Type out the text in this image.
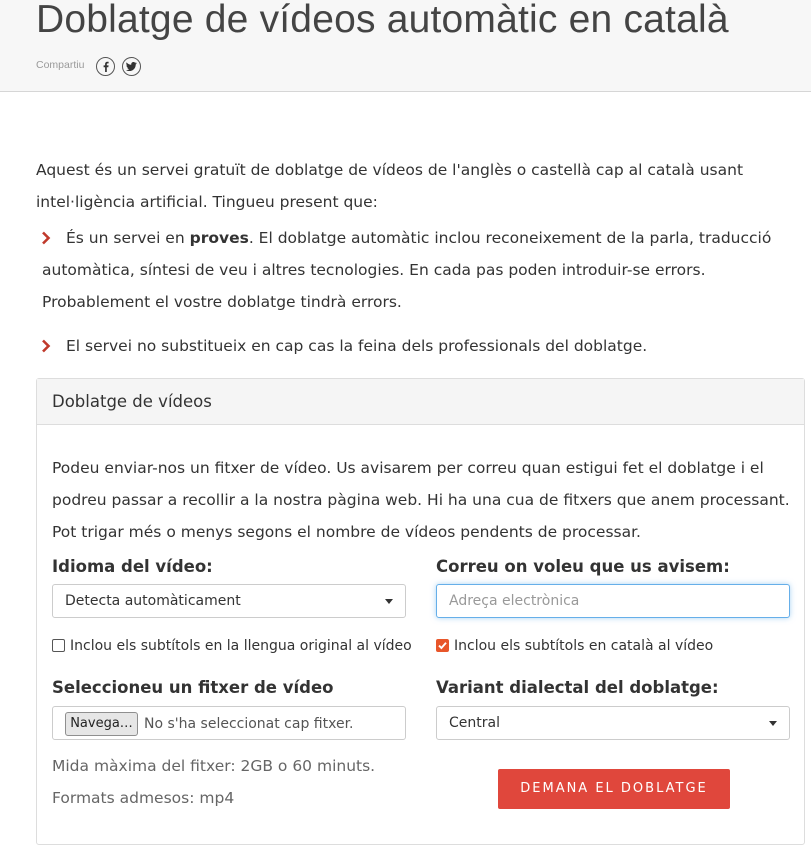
Doblatge de vídeos automàtic en català
Compartiu

Aquest és un servei gratuït de doblatge de vídeos de l'anglès o castellà cap al català usant intel·ligència artificial. Tingueu present que:

És un servei en proves. El doblatge automàtic inclou reconeixement de la parla, traducció automàtica, síntesi de veu i altres tecnologies. En cada pas poden introduir-se errors. Probablement el vostre doblatge tindrà errors.
El servei no substitueix en cap cas la feina dels professionals del doblatge.
Doblatge de vídeos

Podeu enviar-nos un fitxer de vídeo. Us avisarem per correu quan estigui fet el doblatge i el podreu passar a recollir a la nostra pàgina web. Hi ha una cua de fitxers que anem processant. Pot trigar més o menys segons el nombre de vídeos pendents de processar.

Idioma del vídeo:
Detecta automàticament
Correu on voleu que us avisem:
Adreça electrònica
Inclou els subtítols en la llengua original al vídeo	Inclou els subtítols en català al vídeo
Seleccioneu un fitxer de vídeo
Navega… No s'ha seleccionat cap fitxer.
Variant dialectal del doblatge:
Central
Mida màxima del fitxer: 2GB o 60 minuts.
Formats admesos: mp4
DEMANA EL DOBLATGE
